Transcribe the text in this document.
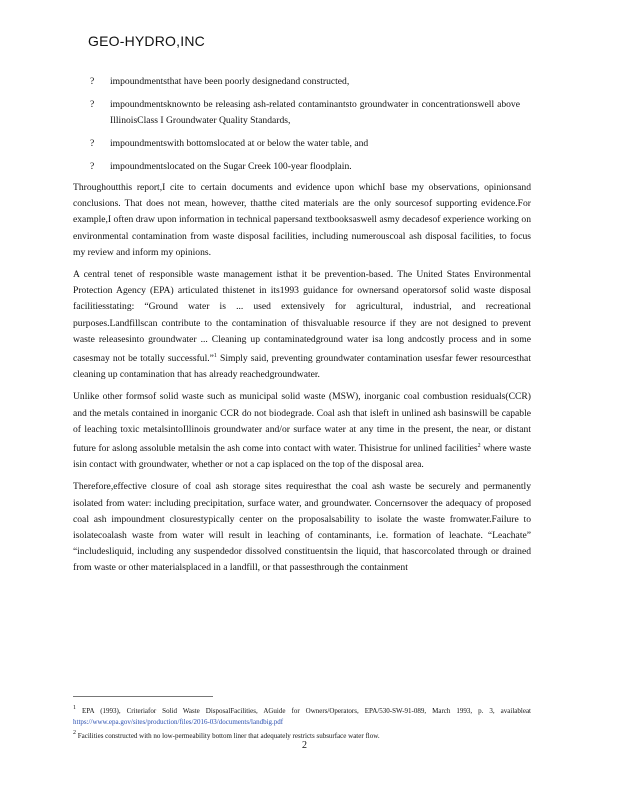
GEO-HYDRO,INC
?	impoundmentsthat have been poorly designedand constructed,
?	impoundmentsknownto be releasing ash-related contaminantsto groundwater in concentrationswell above IllinoisClass I Groundwater Quality Standards,
?	impoundmentswith bottomslocated at or below the water table, and
?	impoundmentslocated on the Sugar Creek 100-year floodplain.

Throughoutthis report,I cite to certain documents and evidence upon whichI base my observations, opinionsand conclusions. That does not mean, however, thatthe cited materials are the only sourcesof supporting evidence.For example,I often draw upon information in technical papersand textbooksaswell asmy decadesof experience working on environmental contamination from waste disposal facilities, including numerouscoal ash disposal facilities, to focus my review and inform my opinions.

A central tenet of responsible waste management isthat it be prevention-based. The United States Environmental Protection Agency (EPA) articulated thistenet in its1993 guidance for ownersand operatorsof solid waste disposal facilitiesstating: “Ground water is ... used extensively for agricultural, industrial, and recreational purposes.Landfillscan contribute to the contamination of thisvaluable resource if they are not designed to prevent waste releasesinto groundwater ... Cleaning up contaminatedground water isa long andcostly process and in some casesmay not be totally successful.”$^1$ Simply said, preventing groundwater contamination usesfar fewer resourcesthat cleaning up contamination that has already reachedgroundwater.

Unlike other formsof solid waste such as municipal solid waste (MSW), inorganic coal combustion residuals(CCR) and the metals contained in inorganic CCR do not biodegrade. Coal ash that isleft in unlined ash basinswill be capable of leaching toxic metalsintoIllinois groundwater and/or surface water at any time in the present, the near, or distant future for aslong assoluble metalsin the ash come into contact with water. Thisistrue for unlined facilities$^2$ where waste isin contact with groundwater, whether or not a cap isplaced on the top of the disposal area.

Therefore,effective closure of coal ash storage sites requiresthat the coal ash waste be securely and permanently isolated from water: including precipitation, surface water, and groundwater. Concernsover the adequacy of proposed coal ash impoundment closurestypically center on the proposalsability to isolate the waste fromwater.Failure to isolatecoalash waste from water will result in leaching of contaminants, i.e. formation of leachate. “Leachate” “includesliquid, including any suspendedor dissolved constituentsin the liquid, that hascorcolated through or drained from waste or other materialsplaced in a landfill, or that passesthrough the containment

$^1$ EPA (1993), Criteriafor Solid Waste DisposalFacilities, AGuide for Owners/Operators, EPA/530-SW-91-089, March 1993, p. 3, availableat https://www.epa.gov/sites/production/files/2016-03/documents/landbig.pdf

$^2$ Facilities constructed with no low-permeability bottom liner that adequately restricts subsurface water flow.

2
